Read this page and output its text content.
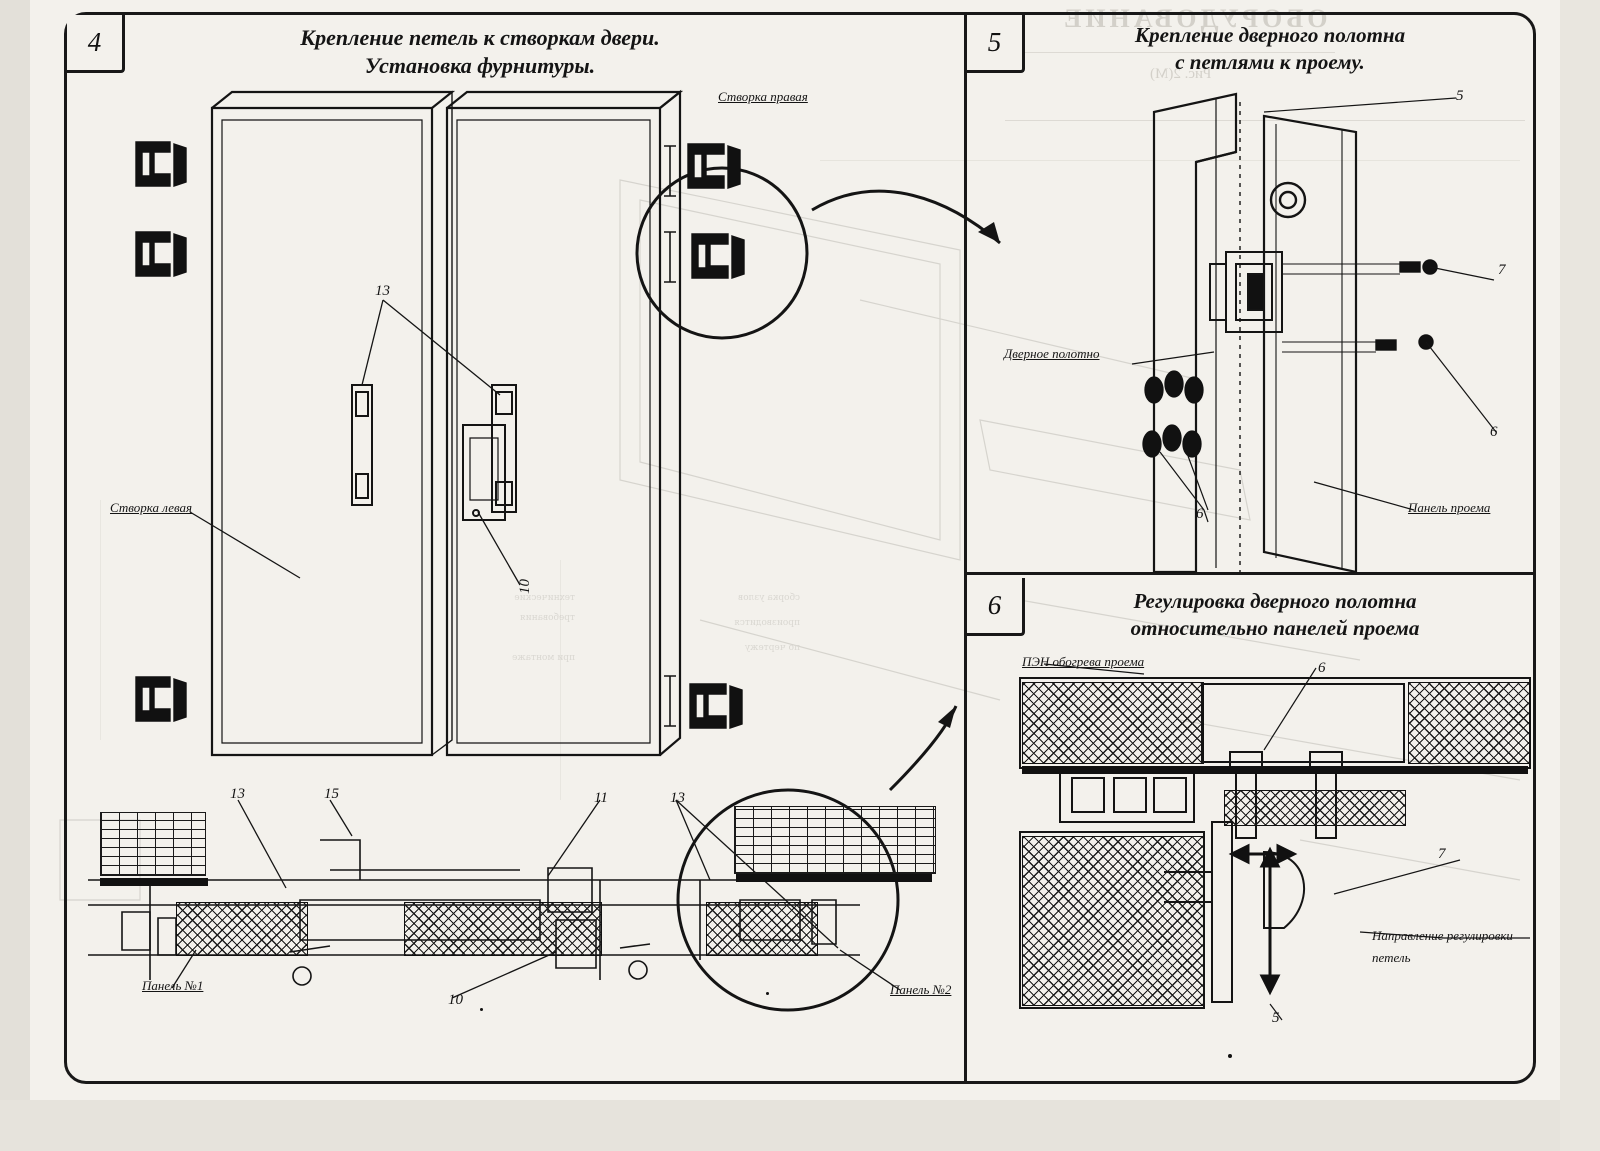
ОБОРУДОВАНИЕ
Рис. 2(М)
технические
требования
при монтаже
сборка узлов
производится
по чертежу
4	Крепление петель к створкам двери.
Установка фурнитуры.
Створка правая
Створка левая
Панель №1	Панель №2
13
10
13	15	11	13
10
5	Крепление дверного полотна
с петлями к проему.
Дверное полотно
Панель проема
5
7
6
6
6	Регулировка дверного полотна
относительно панелей проема
ПЭН обогрева проема
Направление регулировки
петель
6
7
5
